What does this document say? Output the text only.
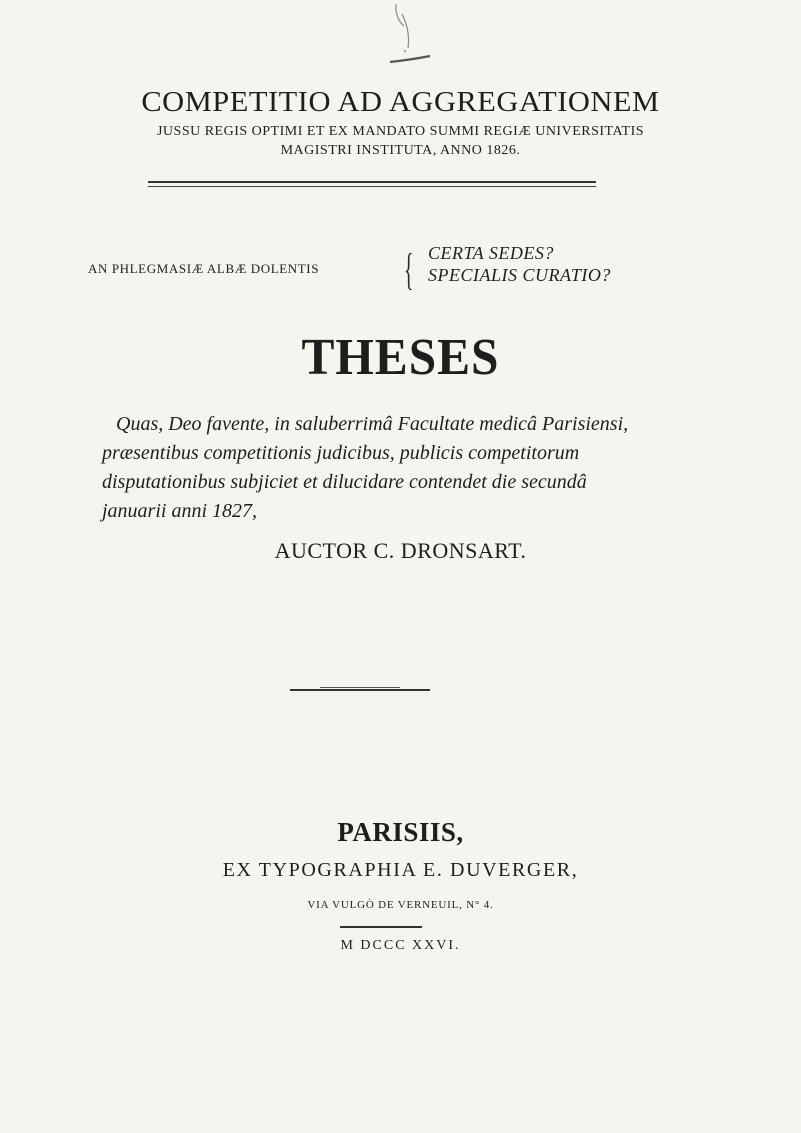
COMPETITIO AD AGGREGATIONEM
JUSSU REGIS OPTIMI ET EX MANDATO SUMMI REGIÆ UNIVERSITATIS
MAGISTRI INSTITUTA, ANNO 1826.
AN PHLEGMASIÆ ALBÆ DOLENTIS { CERTA SEDES?
SPECIALIS CURATIO?
THESES

Quas, Deo favente, in saluberrimâ Facultate medicâ Parisiensi,

præsentibus competitionis judicibus, publicis competitorum

disputationibus subjiciet et dilucidare contendet die secundâ

januarii anni 1827,

AUCTOR C. DRONSART.
PARISIIS,
EX TYPOGRAPHIA E. DUVERGER,
VIA VULGÒ DE VERNEUIL, N° 4.
M DCCC XXVI.
